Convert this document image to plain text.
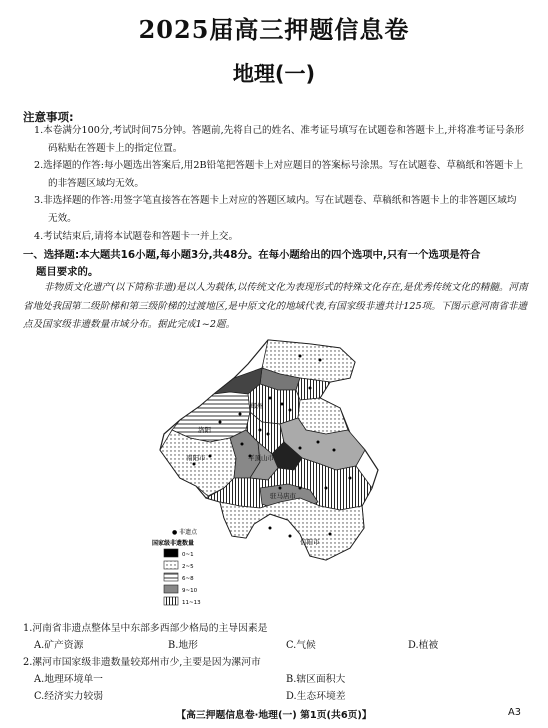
2025届高三押题信息卷
地理(一)
注意事项:
1.本卷满分100分,考试时间75分钟。答题前,先将自己的姓名、准考证号填写在试题卷和答题卡上,并将准考证号条形码粘贴在答题卡上的指定位置。
2.选择题的作答:每小题选出答案后,用2B铅笔把答题卡上对应题目的答案标号涂黑。写在试题卷、草稿纸和答题卡上的非答题区域均无效。
3.非选择题的作答:用签字笔直接答在答题卡上对应的答题区域内。写在试题卷、草稿纸和答题卡上的非答题区域均无效。
4.考试结束后,请将本试题卷和答题卡一并上交。
一、选择题:本大题共16小题,每小题3分,共48分。在每小题给出的四个选项中,只有一个选项是符合
题目要求的。
非物质文化遗产(以下简称非遗)是以人为载体,以传统文化为表现形式的特殊文化存在,是优秀传统文化的精髓。河南省地处我国第二级阶梯和第三级阶梯的过渡地区,是中原文化的地域代表,有国家级非遗共计125项。下图示意河南省非遗点及国家级非遗数量市域分布。据此完成1~2题。
郑州
洛阳
南阳市	平顶山市
驻马店市
信阳市
● 非遗点
国家级非遗数量
0~1
2~5
6~8
9~10
11~13
1.河南省非遗点整体呈中东部多西部少格局的主导因素是
A.矿产资源	B.地形	C.气候	D.植被
2.漯河市国家级非遗数量较郑州市少,主要是因为漯河市
A.地理环境单一	B.辖区面积大
C.经济实力较弱	D.生态环境差
【高三押题信息卷·地理(一) 第1页(共6页)】	A3
